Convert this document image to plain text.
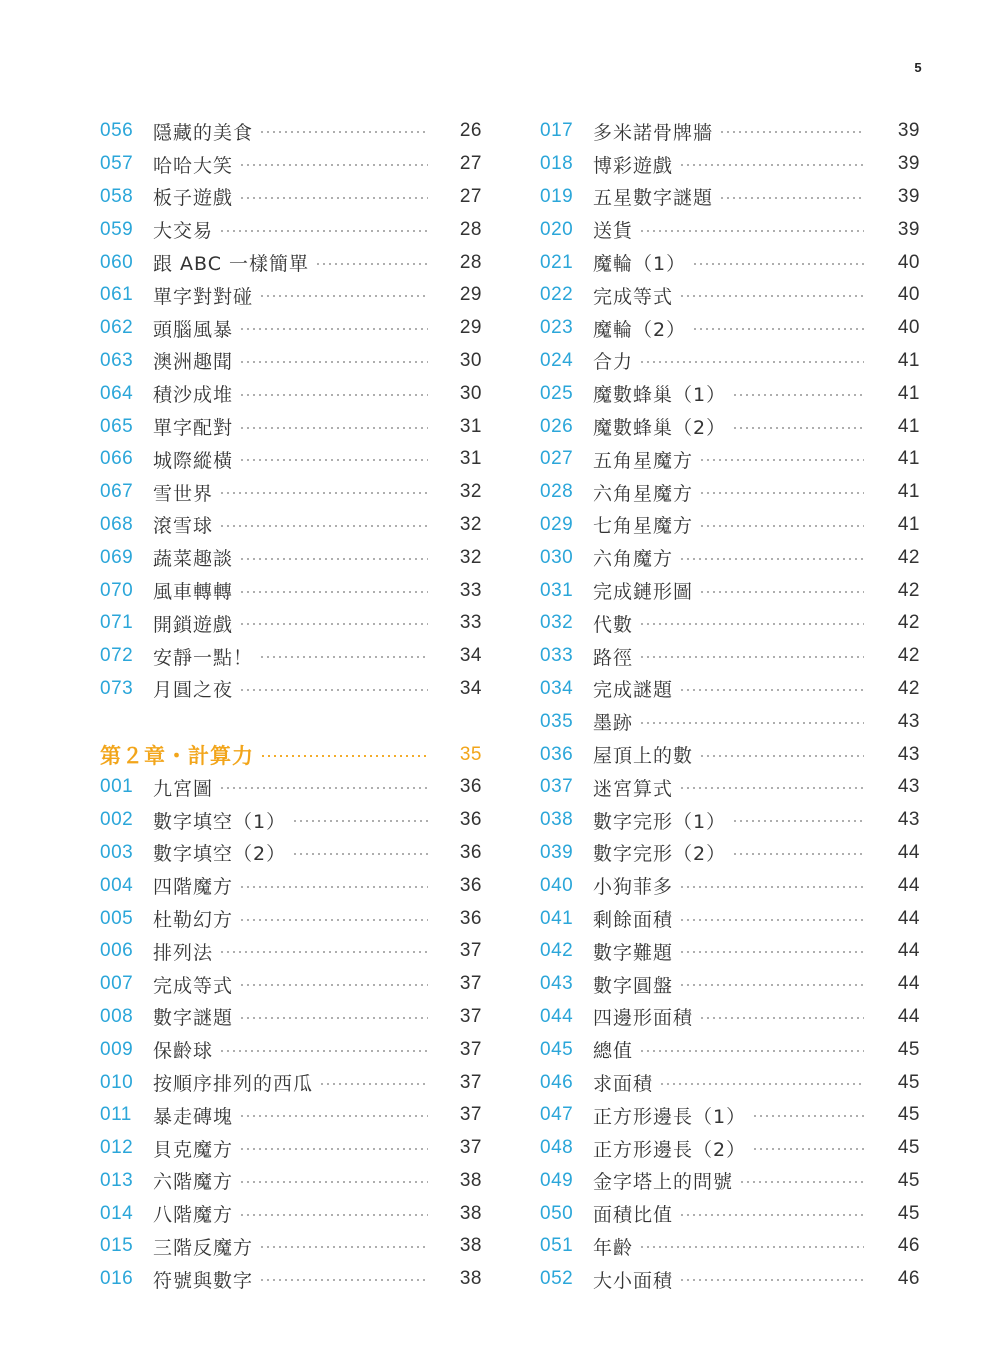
5
056	隱藏的美食	26
057	哈哈大笑	27
058	板子遊戲	27
059	大交易	28
060	跟 ABC 一樣簡單	28
061	單字對對碰	29
062	頭腦風暴	29
063	澳洲趣聞	30
064	積沙成堆	30
065	單字配對	31
066	城際縱橫	31
067	雪世界	32
068	滾雪球	32
069	蔬菜趣談	32
070	風車轉轉	33
071	開鎖遊戲	33
072	安靜一點！	34
073	月圓之夜	34
第２章・計算力	35
001	九宮圖	36
002	數字填空（1）	36
003	數字填空（2）	36
004	四階魔方	36
005	杜勒幻方	36
006	排列法	37
007	完成等式	37
008	數字謎題	37
009	保齡球	37
010	按順序排列的西瓜	37
011	暴走磚塊	37
012	貝克魔方	37
013	六階魔方	38
014	八階魔方	38
015	三階反魔方	38
016	符號與數字	38
017	多米諾骨牌牆	39
018	博彩遊戲	39
019	五星數字謎題	39
020	送貨	39
021	魔輪（1）	40
022	完成等式	40
023	魔輪（2）	40
024	合力	41
025	魔數蜂巢（1）	41
026	魔數蜂巢（2）	41
027	五角星魔方	41
028	六角星魔方	41
029	七角星魔方	41
030	六角魔方	42
031	完成鏈形圖	42
032	代數	42
033	路徑	42
034	完成謎題	42
035	墨跡	43
036	屋頂上的數	43
037	迷宮算式	43
038	數字完形（1）	43
039	數字完形（2）	44
040	小狗菲多	44
041	剩餘面積	44
042	數字難題	44
043	數字圓盤	44
044	四邊形面積	44
045	總值	45
046	求面積	45
047	正方形邊長（1）	45
048	正方形邊長（2）	45
049	金字塔上的問號	45
050	面積比值	45
051	年齡	46
052	大小面積	46
